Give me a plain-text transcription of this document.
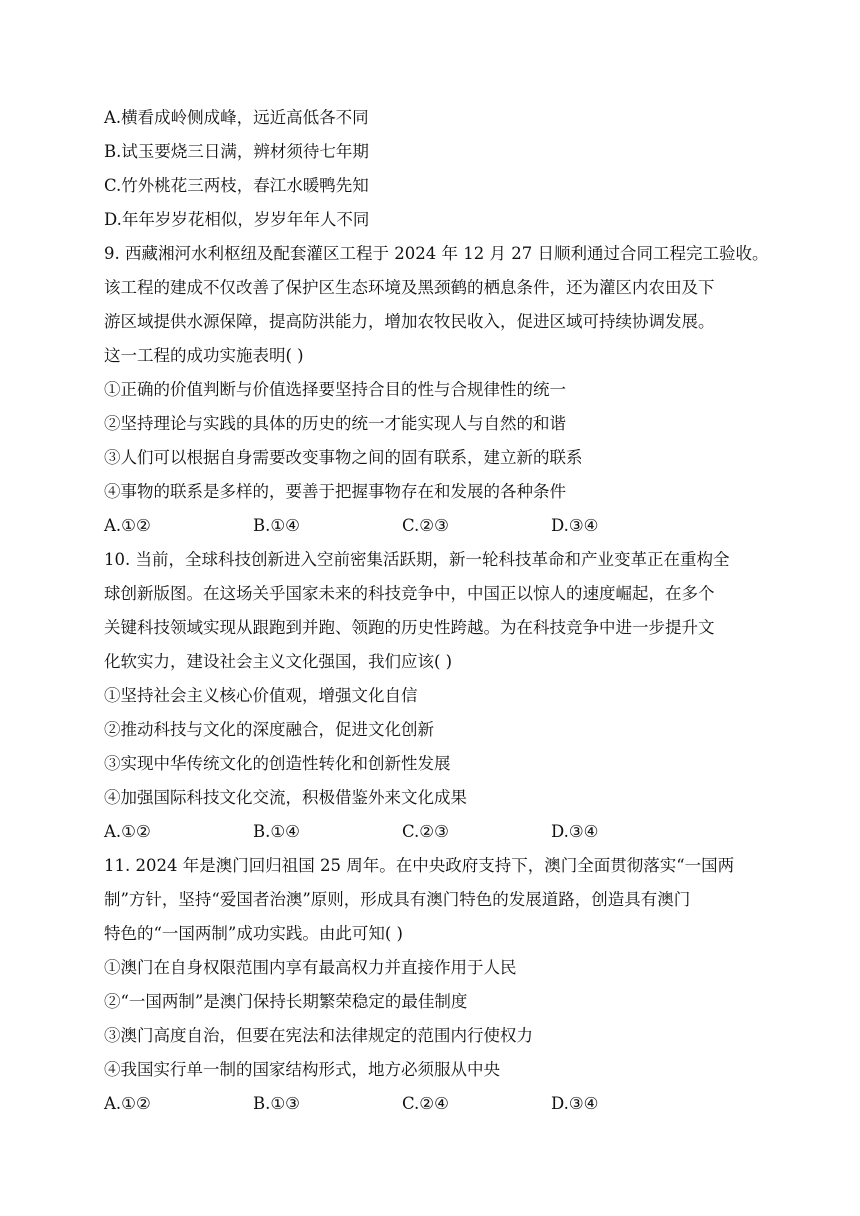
A.横看成岭侧成峰，远近高低各不同
B.试玉要烧三日满，辨材须待七年期
C.竹外桃花三两枝，春江水暖鸭先知
D.年年岁岁花相似，岁岁年年人不同
9. 西藏湘河水利枢纽及配套灌区工程于 2024 年 12 月 27 日顺利通过合同工程完工验收。
该工程的建成不仅改善了保护区生态环境及黑颈鹤的栖息条件，还为灌区内农田及下
游区域提供水源保障，提高防洪能力，增加农牧民收入，促进区域可持续协调发展。
这一工程的成功实施表明( )
①正确的价值判断与价值选择要坚持合目的性与合规律性的统一
②坚持理论与实践的具体的历史的统一才能实现人与自然的和谐
③人们可以根据自身需要改变事物之间的固有联系，建立新的联系
④事物的联系是多样的，要善于把握事物存在和发展的各种条件
A.①②	B.①④	C.②③	D.③④
10. 当前，全球科技创新进入空前密集活跃期，新一轮科技革命和产业变革正在重构全
球创新版图。在这场关乎国家未来的科技竞争中，中国正以惊人的速度崛起，在多个
关键科技领域实现从跟跑到并跑、领跑的历史性跨越。为在科技竞争中进一步提升文
化软实力，建设社会主义文化强国，我们应该( )
①坚持社会主义核心价值观，增强文化自信
②推动科技与文化的深度融合，促进文化创新
③实现中华传统文化的创造性转化和创新性发展
④加强国际科技文化交流，积极借鉴外来文化成果
A.①②	B.①④	C.②③	D.③④
11. 2024 年是澳门回归祖国 25 周年。在中央政府支持下，澳门全面贯彻落实“一国两
制”方针，坚持“爱国者治澳”原则，形成具有澳门特色的发展道路，创造具有澳门
特色的“一国两制”成功实践。由此可知( )
①澳门在自身权限范围内享有最高权力并直接作用于人民
②“一国两制”是澳门保持长期繁荣稳定的最佳制度
③澳门高度自治，但要在宪法和法律规定的范围内行使权力
④我国实行单一制的国家结构形式，地方必须服从中央
A.①②	B.①③	C.②④	D.③④
